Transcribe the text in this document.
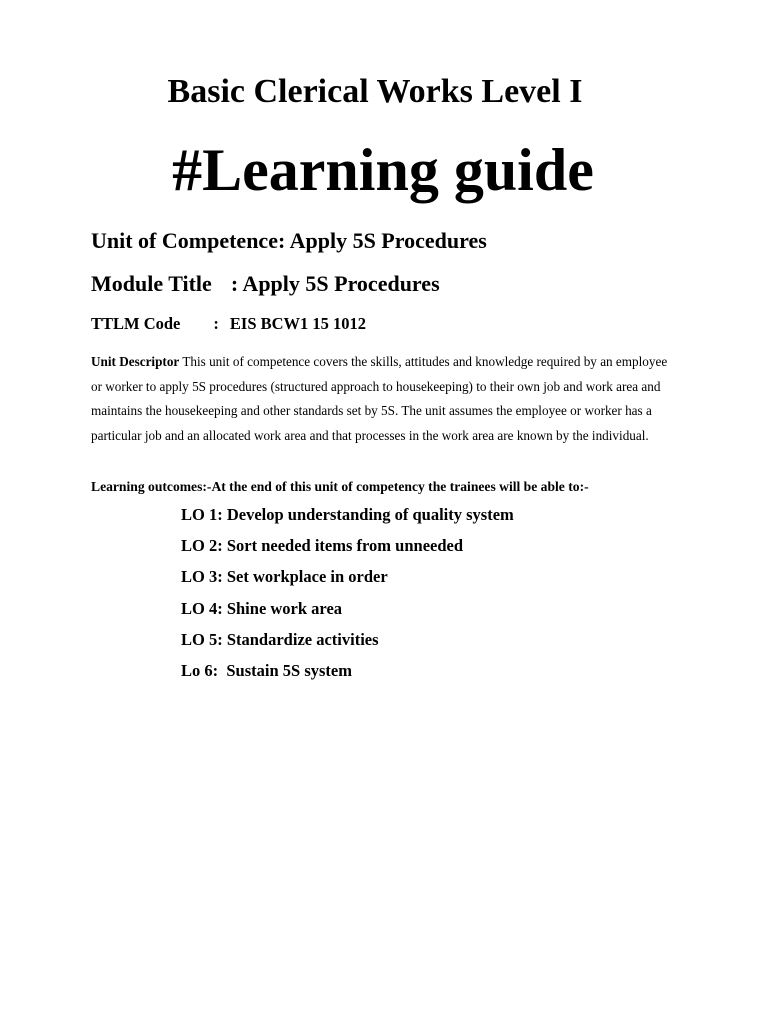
Basic Clerical Works Level I
#Learning guide
Unit of Competence: Apply 5S Procedures
Module Title : Apply 5S Procedures
TTLM Code : EIS BCW1 15 1012
Unit Descriptor This unit of competence covers the skills, attitudes and knowledge required by an employee or worker to apply 5S procedures (structured approach to housekeeping) to their own job and work area and maintains the housekeeping and other standards set by 5S. The unit assumes the employee or worker has a particular job and an allocated work area and that processes in the work area are known by the individual.
Learning outcomes:-At the end of this unit of competency the trainees will be able to:-
LO 1: Develop understanding of quality system
LO 2: Sort needed items from unneeded
LO 3: Set workplace in order
LO 4: Shine work area
LO 5: Standardize activities
Lo 6:  Sustain 5S system
